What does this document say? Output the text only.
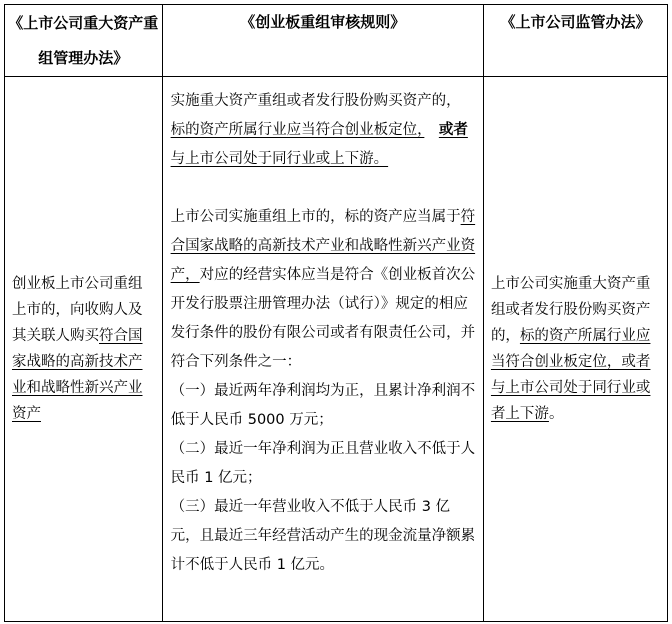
《上市公司重大资产重组管理办法》	《创业板重组审核规则》	《上市公司监管办法》

创业板上市公司重组上市的，向收购人及其关联人购买符合国家战略的高新技术产业和战略性新兴产业资产	实施重大资产重组或者发行股份购买资产的，　标的资产所属行业应当符合创业板定位，　 或者与上市公司处于同行业或上下游。

上市公司实施重组上市的，标的资产应当属于符合国家战略的高新技术产业和战略性新兴产业资产，对应的经营实体应当是符合《创业板首次公开发行股票注册管理办法（试行）》规定的相应发行条件的股份有限公司或者有限责任公司，并符合下列条件之一：

（一）最近两年净利润均为正，且累计净利润不低于人民币 5000 万元；

（二）最近一年净利润为正且营业收入不低于人民币 1 亿元；

（三）最近一年营业收入不低于人民币 3 亿元，且最近三年经营活动产生的现金流量净额累计不低于人民币 1 亿元。	上市公司实施重大资产重组或者发行股份购买资产的，标的资产所属行业应当符合创业板定位，或者与上市公司处于同行业或者上下游。
